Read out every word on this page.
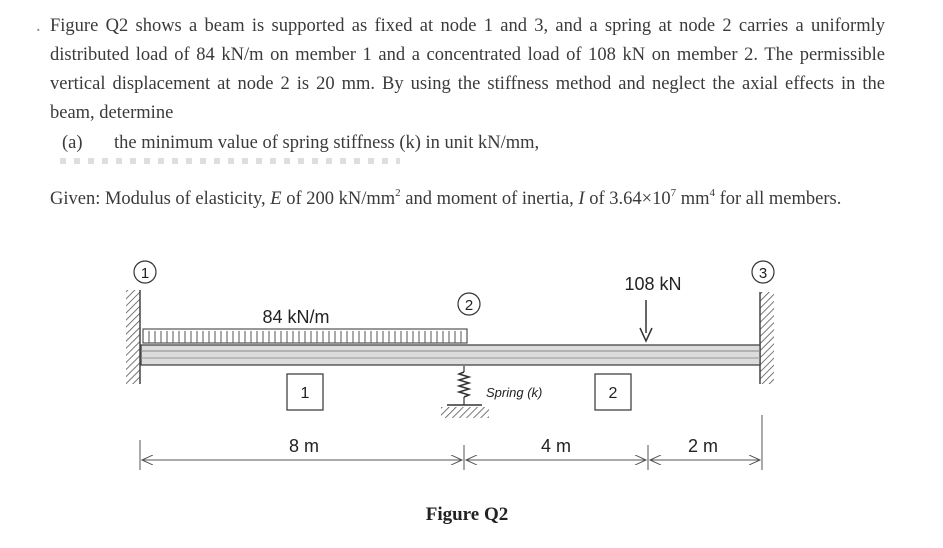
. Figure Q2 shows a beam is supported as fixed at node 1 and 3, and a spring at node 2 carries a uniformly distributed load of 84 kN/m on member 1 and a concentrated load of 108 kN on member 2. The permissible vertical displacement at node 2 is 20 mm. By using the stiffness method and neglect the axial effects in the beam, determine
(a) the minimum value of spring stiffness (k) in unit kN/mm,
Given: Modulus of elasticity, E of 200 $kN/mm^2$ and moment of inertia, I of $3.64\times 10^7$ $mm^4$ for all members.
1
2
3
1	2
84 kN/m
108 kN
Spring (k)
8 m	4 m	2 m
Figure Q2
